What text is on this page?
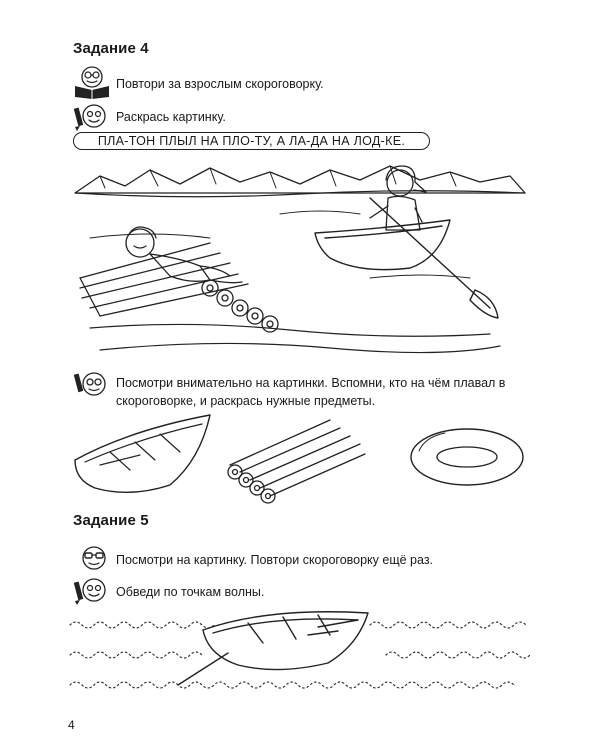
Задание 4
Повтори за взрослым скороговорку.
Раскрась картинку.
ПЛА-ТОН ПЛЫЛ НА ПЛО-ТУ, А ЛА-ДА НА ЛОД-КЕ.
Посмотри внимательно на картинки. Вспомни, кто на чём плавал в скороговорке, и раскрась нужные предметы.
Задание 5
Посмотри на картинку. Повтори скороговорку ещё раз.
Обведи по точкам волны.
4
